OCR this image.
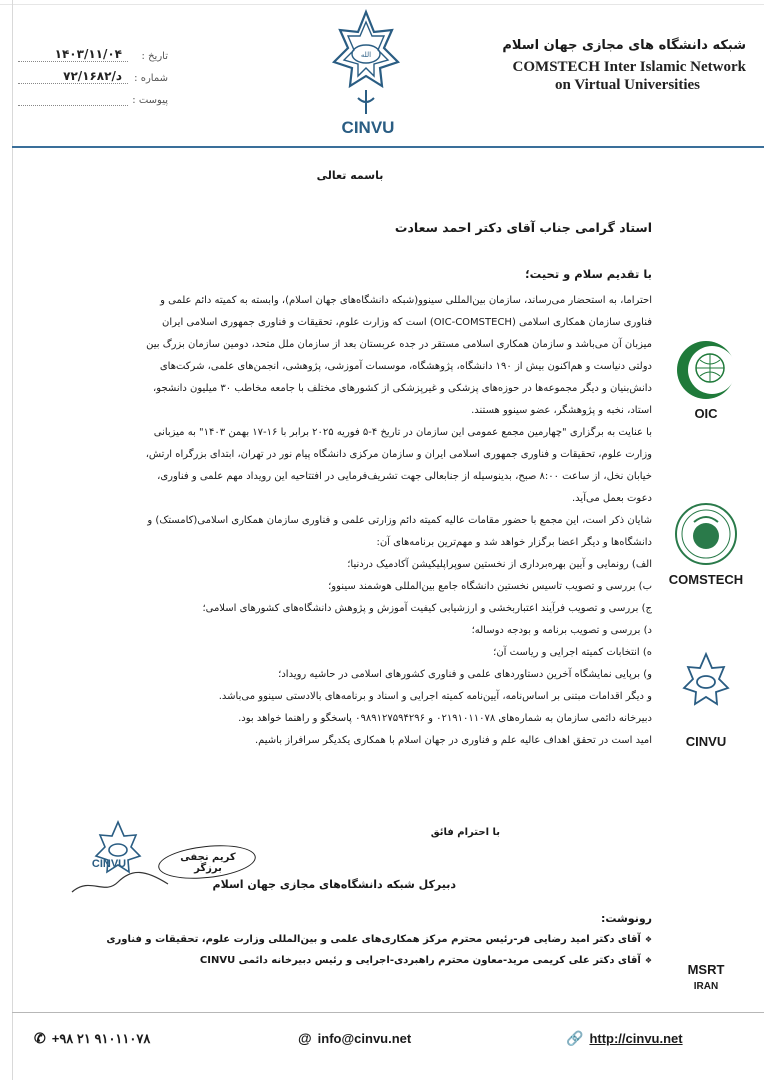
تاریخ :
۱۴۰۳/۱۱/۰۴
شماره :
د/۷۲/۱۶۸۲
پیوست :
الله
CINVU
شبکه دانشگاه های مجازی جهان اسلام
COMSTECH Inter Islamic Network
on Virtual Universities
باسمه تعالی
استاد گرامی جناب آقای دکتر احمد سعادت
با تقدیم سلام و تحیت؛

احتراما، به استحضار می‌رساند، سازمان بین‌المللی سینوو(شبکه دانشگاه‌های جهان اسلام)، وابسته به کمیته دائم علمی و فناوری سازمان همکاری اسلامی (OIC-COMSTECH) است که وزارت علوم، تحقیقات و فناوری جمهوری اسلامی ایران میزبان آن می‌باشد و سازمان همکاری اسلامی مستقر در جده عربستان بعد از سازمان ملل متحد، دومین سازمان بزرگ بین دولتی دنیاست و هم‌اکنون بیش از ۱۹۰ دانشگاه، پژوهشگاه، موسسات آموزشی، پژوهشی، انجمن‌های علمی، شرکت‌های دانش‌بنیان و دیگر مجموعه‌ها در حوزه‌های پزشکی و غیرپزشکی از کشورهای مختلف با جامعه مخاطب ۳۰ میلیون دانشجو، استاد، نخبه و پژوهشگر، عضو سینوو هستند.

با عنایت به برگزاری "چهارمین مجمع عمومی این سازمان در تاریخ ۴-۵ فوریه ۲۰۲۵ برابر با ۱۶-۱۷ بهمن ۱۴۰۳" به میزبانی وزارت علوم، تحقیقات و فناوری جمهوری اسلامی ایران و سازمان مرکزی دانشگاه پیام نور در تهران، ابتدای بزرگراه ارتش، خیابان نخل، از ساعت ۸:۰۰ صبح، بدینوسیله از جنابعالی جهت تشریف‌فرمایی در افتتاحیه این رویداد مهم علمی و فناوری، دعوت بعمل می‌آید.

شایان ذکر است، این مجمع با حضور مقامات عالیه کمیته دائم وزارتی علمی و فناوری سازمان همکاری اسلامی(کامستک) و دانشگاه‌ها و دیگر اعضا برگزار خواهد شد و مهم‌ترین برنامه‌های آن:

الف) رونمایی و آیین بهره‌برداری از نخستین سوپراپلیکیشن آکادمیک دردنیا؛

ب) بررسی و تصویب تاسیس نخستین دانشگاه جامع بین‌المللی هوشمند سینوو؛

ج) بررسی و تصویب فرآیند اعتباربخشی و ارزشیابی کیفیت آموزش و پژوهش دانشگاه‌های کشورهای اسلامی؛

د) بررسی و تصویب برنامه و بودجه دوساله؛

ه) انتخابات کمیته اجرایی و ریاست آن؛

و) برپایی نمایشگاه آخرین دستاوردهای علمی و فناوری کشورهای اسلامی در حاشیه رویداد؛

و دیگر اقدامات مبتنی بر اساس‌نامه، آیین‌نامه کمیته اجرایی و اسناد و برنامه‌های بالادستی سینوو می‌باشد.

دبیرخانه دائمی سازمان به شماره‌های ۰۲۱۹۱۰۱۱۰۷۸ و ۰۹۸۹۱۲۷۵۹۴۲۹۶ پاسخگو و راهنما خواهد بود.

امید است در تحقق اهداف عالیه علم و فناوری در جهان اسلام با همکاری یکدیگر سرافراز باشیم.

CINVU
با احترام فائق
کریم نجفی برزگر
دبیرکل شبکه دانشگاه‌های مجازی جهان اسلام
رونوشت:
❖آقای دکتر امید رضایی فر-رئیس محترم مرکز همکاری‌های علمی و بین‌المللی وزارت علوم، تحقیقات و فناوری
❖آقای دکتر علی کریمی مرید-معاون محترم راهبردی-اجرایی و رئیس دبیرخانه دائمی CINVU
OIC
COMSTECH
CINVU
MSRT
IRAN
✆ +۹۸ ۲۱ ۹۱۰۱۱۰۷۸	@ info@cinvu.net	🔗 http://cinvu.net
